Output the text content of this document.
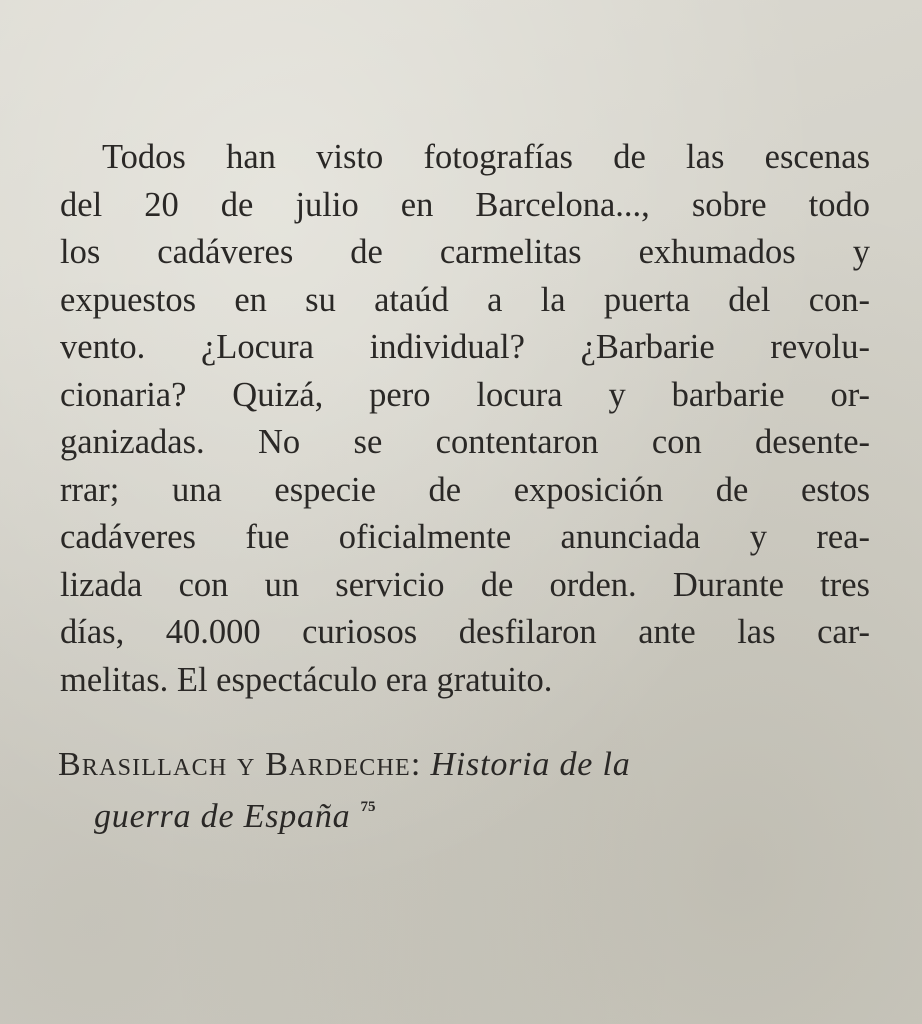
Todos han visto fotografías de las escenas
del 20 de julio en Barcelona..., sobre todo
los cadáveres de carmelitas exhumados y
expuestos en su ataúd a la puerta del con-
vento. ¿Locura individual? ¿Barbarie revolu-
cionaria? Quizá, pero locura y barbarie or-
ganizadas. No se contentaron con desente-
rrar; una especie de exposición de estos
cadáveres fue oficialmente anunciada y rea-
lizada con un servicio de orden. Durante tres
días, 40.000 curiosos desfilaron ante las car-
melitas. El espectáculo era gratuito.
Brasillach y Bardeche: Historia de la
guerra de España $^{75}$
